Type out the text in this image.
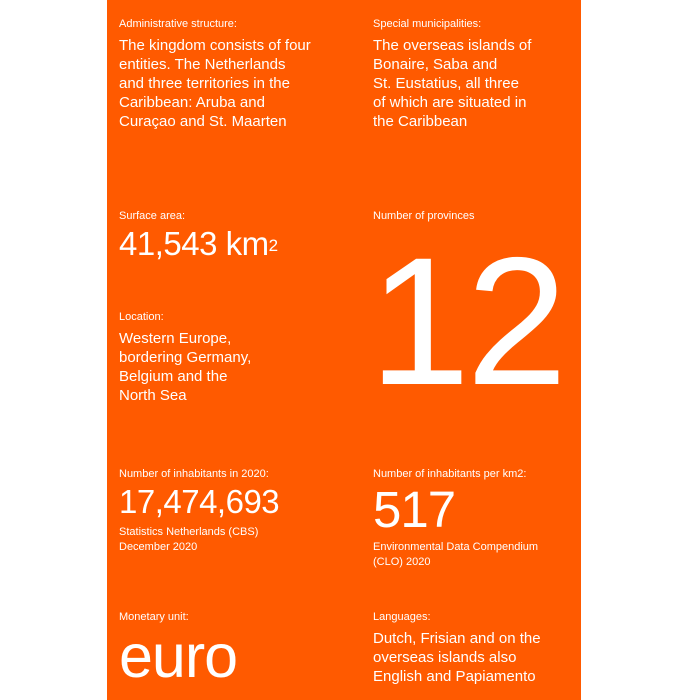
Administrative structure:
The kingdom consists of four
entities. The Netherlands
and three territories in the
Caribbean: Aruba and
Curaçao and St. Maarten
Special municipalities:
The overseas islands of
Bonaire, Saba and
St. Eustatius, all three
of which are situated in
the Caribbean
Surface area:
41,543 $km^2$
Number of provinces
12
Location:
Western Europe,
bordering Germany,
Belgium and the
North Sea
Number of inhabitants in 2020:
17,474,693
Statistics Netherlands (CBS)
December 2020
Number of inhabitants per km2:
517
Environmental Data Compendium
(CLO) 2020
Monetary unit:
euro
Languages:
Dutch, Frisian and on the
overseas islands also
English and Papiamento
